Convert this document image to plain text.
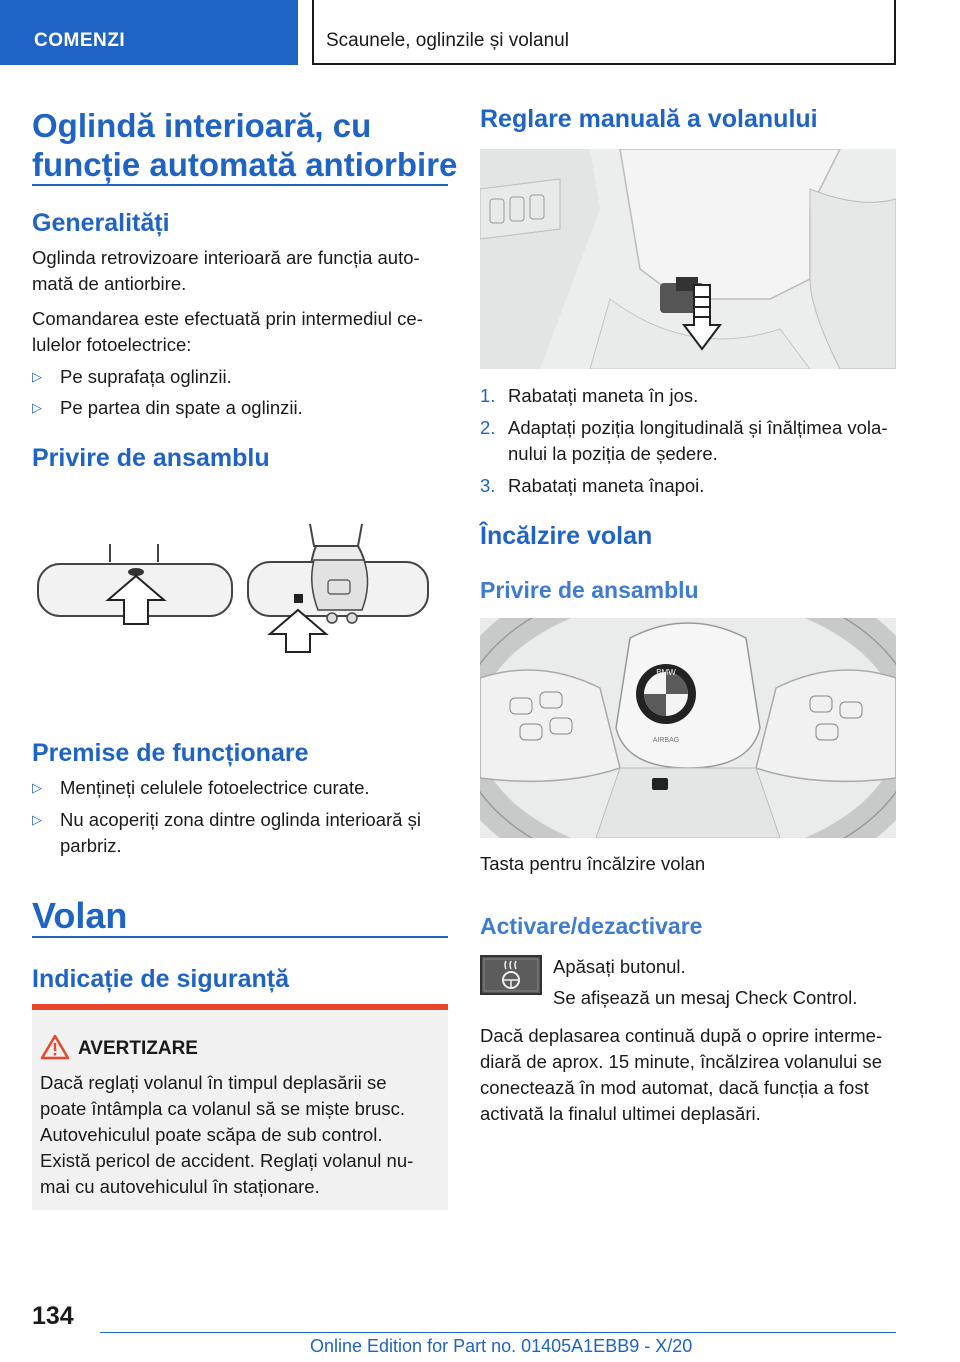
COMENZI	Scaunele, oglinzile și volanul
Oglindă interioară, cu
funcție automată antiorbire
Generalități

Oglinda retrovizoare interioară are funcția auto-

mată de antiorbire.

Comandarea este efectuată prin intermediul ce-

lulelor fotoelectrice:

▷ Pe suprafața oglinzii.
▷ Pe partea din spate a oglinzii.
Privire de ansamblu
Premise de funcționare
▷ Mențineți celulele fotoelectrice curate.
▷ Nu acoperiți zona dintre oglinda interioară și

parbriz.

Volan
Indicație de siguranță
AVERTIZARE
Dacă reglați volanul în timpul deplasării se
poate întâmpla ca volanul să se miște brusc.
Autovehiculul poate scăpa de sub control.
Există pericol de accident. Reglați volanul nu-
mai cu autovehiculul în staționare.
Reglare manuală a volanului
1. Rabatați maneta în jos.
2. Adaptați poziția longitudinală și înălțimea vola-

nului la poziția de ședere.

3. Rabatați maneta înapoi.
Încălzire volan
Privire de ansamblu
BMW
AIRBAG

Tasta pentru încălzire volan

Activare/dezactivare

Apăsați butonul.

Se afișează un mesaj Check Control.

Dacă deplasarea continuă după o oprire interme-

diară de aprox. 15 minute, încălzirea volanului se

conectează în mod automat, dacă funcția a fost

activată la finalul ultimei deplasări.

134
Online Edition for Part no. 01405A1EBB9 - X/20
